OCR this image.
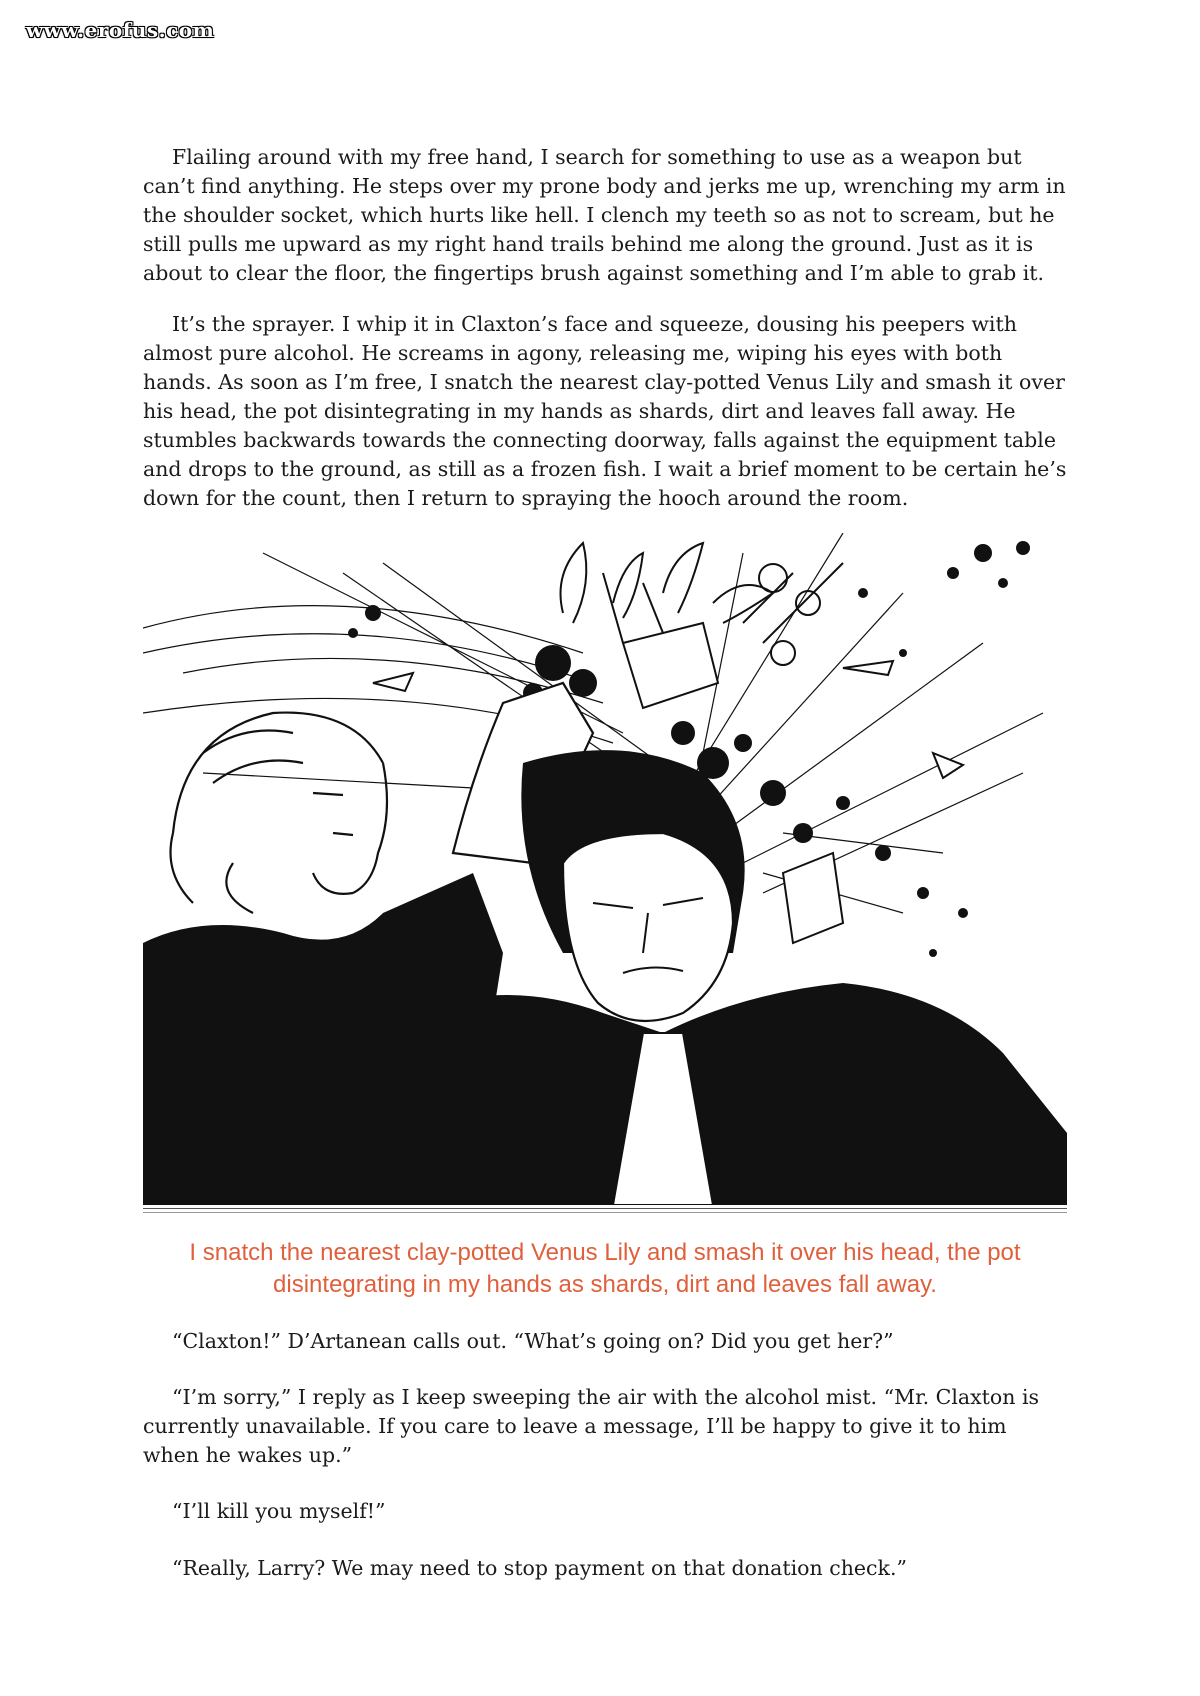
www.erofus.com

Flailing around with my free hand, I search for something to use as a weapon but can’t find anything. He steps over my prone body and jerks me up, wrenching my arm in the shoulder socket, which hurts like hell. I clench my teeth so as not to scream, but he still pulls me upward as my right hand trails behind me along the ground. Just as it is about to clear the floor, the fingertips brush against something and I’m able to grab it.

It’s the sprayer. I whip it in Claxton’s face and squeeze, dousing his peepers with almost pure alcohol. He screams in agony, releasing me, wiping his eyes with both hands. As soon as I’m free, I snatch the nearest clay-potted Venus Lily and smash it over his head, the pot disintegrating in my hands as shards, dirt and leaves fall away. He stumbles backwards towards the connecting doorway, falls against the equipment table and drops to the ground, as still as a frozen fish. I wait a brief moment to be certain he’s down for the count, then I return to spraying the hooch around the room.

I snatch the nearest clay-potted Venus Lily and smash it over his head, the pot disintegrating in my hands as shards, dirt and leaves fall away.

“Claxton!” D’Artanean calls out. “What’s going on? Did you get her?”

“I’m sorry,” I reply as I keep sweeping the air with the alcohol mist. “Mr. Claxton is currently unavailable. If you care to leave a message, I’ll be happy to give it to him when he wakes up.”

“I’ll kill you myself!”

“Really, Larry? We may need to stop payment on that donation check.”
